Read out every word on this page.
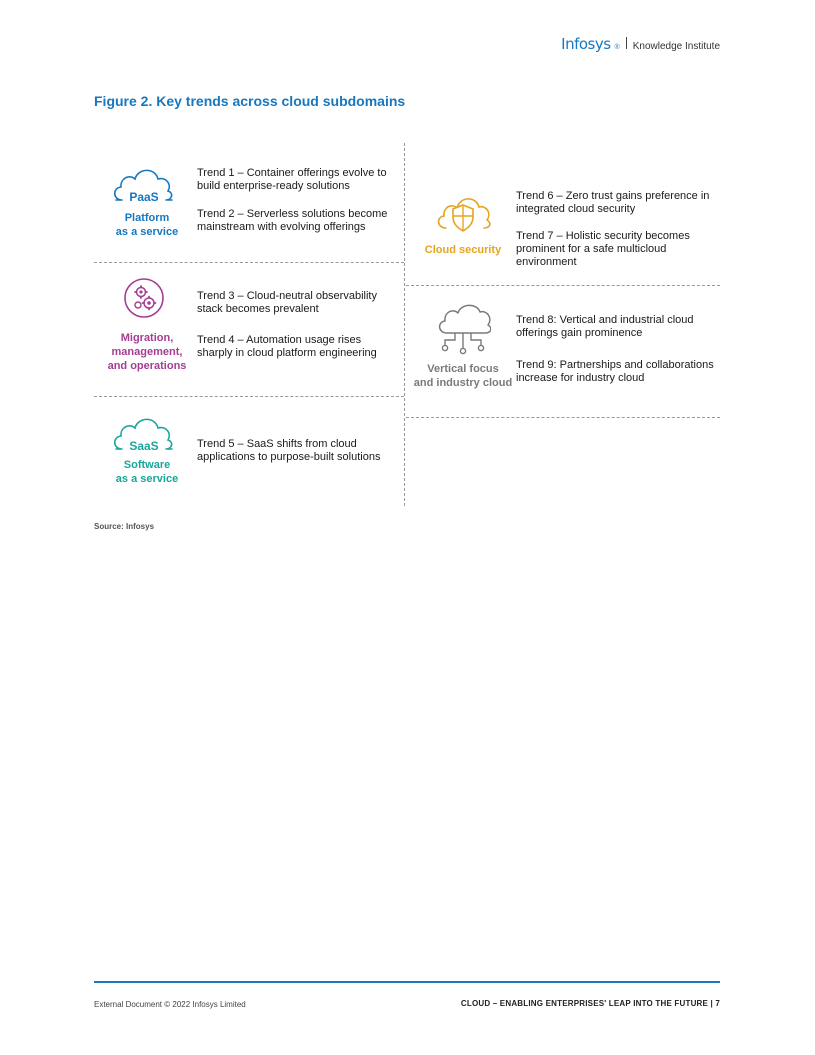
Infosys ® Knowledge Institute
Figure 2. Key trends across cloud subdomains
PaaS
Platform
as a service
Trend 1 – Container offerings evolve to build enterprise-ready solutions
Trend 2 – Serverless solutions become mainstream with evolving offerings
Migration,
management,
and operations
Trend 3 – Cloud-neutral observability stack becomes prevalent
Trend 4 – Automation usage rises sharply in cloud platform engineering
SaaS
Software
as a service
Trend 5 – SaaS shifts from cloud applications to purpose-built solutions
Cloud security
Trend 6 – Zero trust gains preference in integrated cloud security
Trend 7 – Holistic security becomes prominent for a safe multicloud environment
Vertical focus
and industry cloud
Trend 8: Vertical and industrial cloud offerings gain prominence
Trend 9: Partnerships and collaborations increase for industry cloud
Source: Infosys
External Document © 2022 Infosys Limited	CLOUD – ENABLING ENTERPRISES' LEAP INTO THE FUTURE | 7
